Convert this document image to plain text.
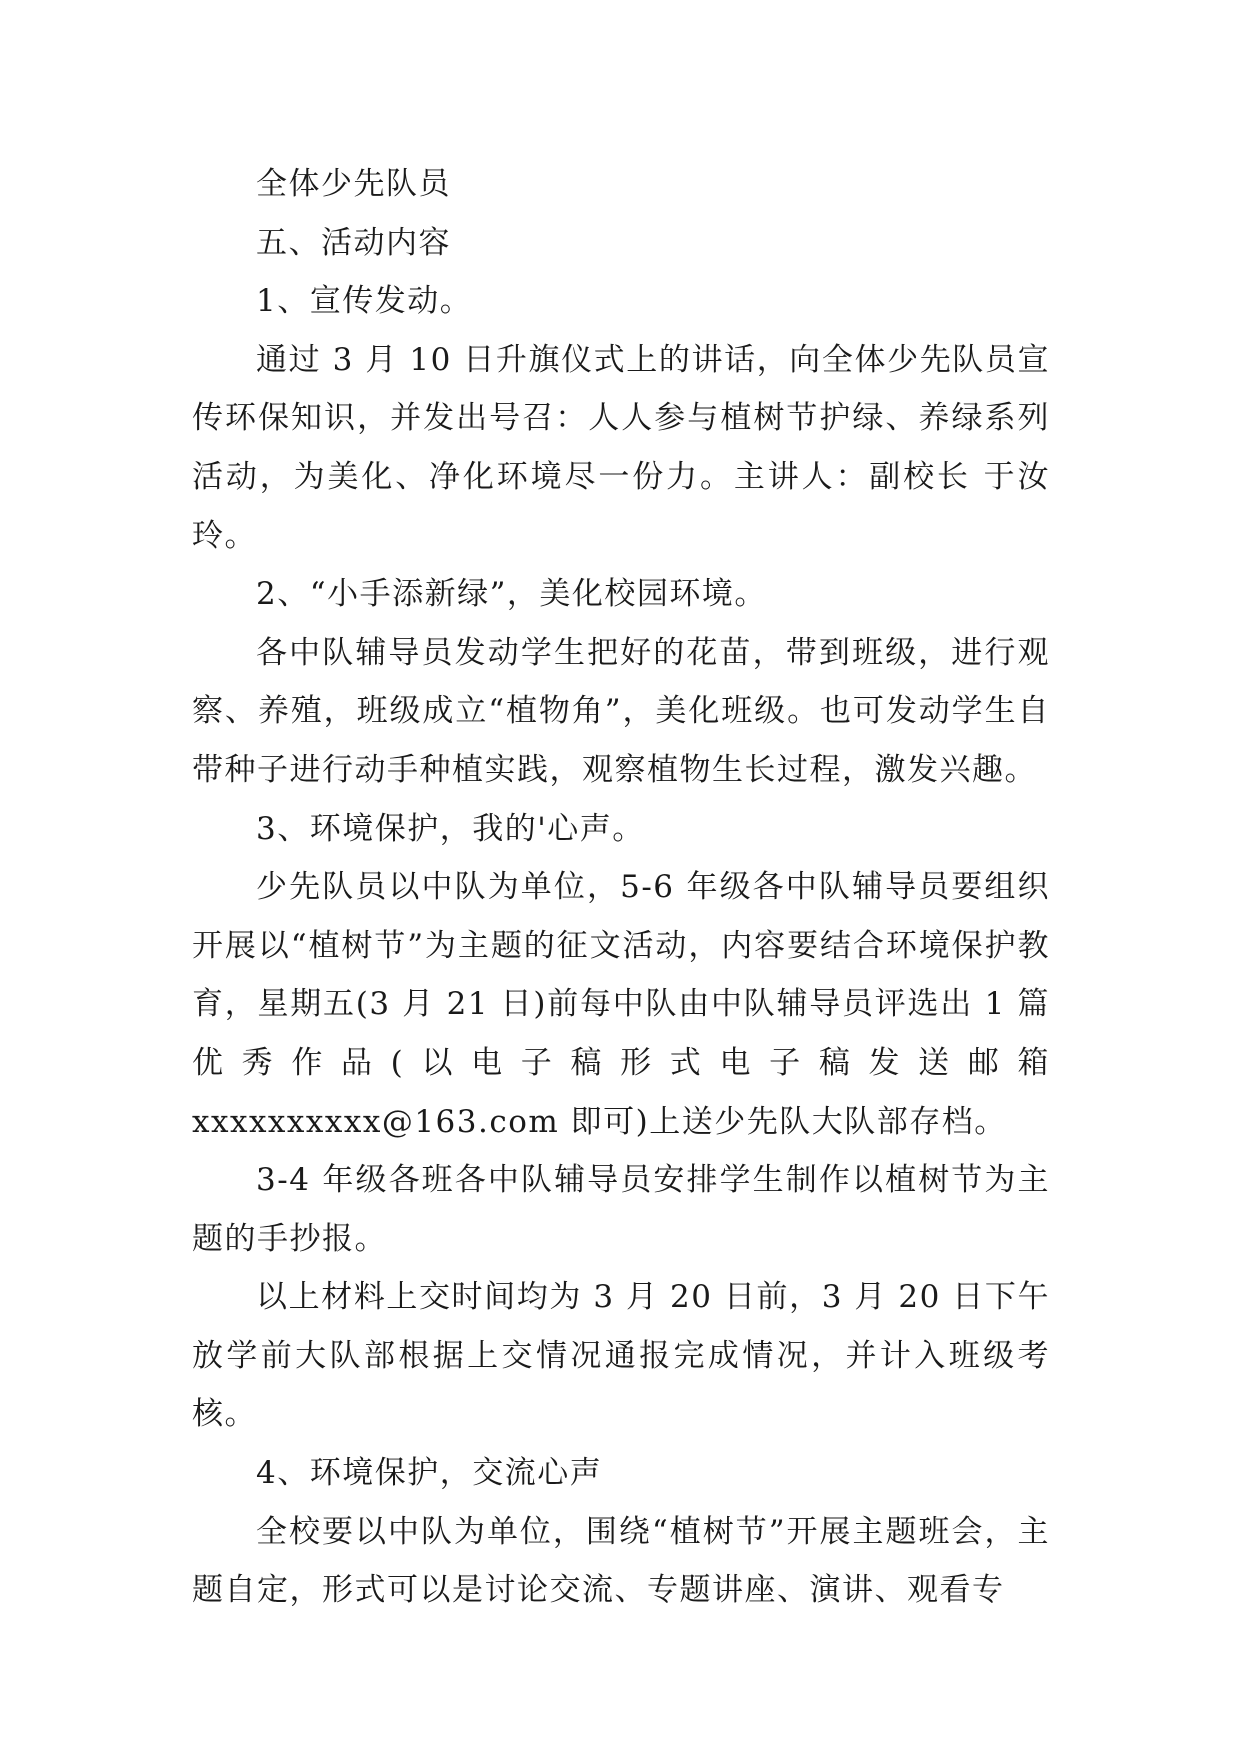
全体少先队员

五、活动内容

1、宣传发动。

通过 3 月 10 日升旗仪式上的讲话，向全体少先队员宣传环保知识，并发出号召：人人参与植树节护绿、养绿系列活动，为美化、净化环境尽一份力。主讲人：副校长 于汝玲。

2、“小手添新绿”，美化校园环境。

各中队辅导员发动学生把好的花苗，带到班级，进行观察、养殖，班级成立“植物角”，美化班级。也可发动学生自带种子进行动手种植实践，观察植物生长过程，激发兴趣。

3、环境保护，我的'心声。

少先队员以中队为单位，5-6 年级各中队辅导员要组织开展以“植树节”为主题的征文活动，内容要结合环境保护教育，星期五(3 月 21 日)前每中队由中队辅导员评选出 1 篇优秀作品(以电子稿形式电子稿发送邮箱xxxxxxxxxx@163.com 即可)上送少先队大队部存档。

3-4 年级各班各中队辅导员安排学生制作以植树节为主题的手抄报。

以上材料上交时间均为 3 月 20 日前，3 月 20 日下午放学前大队部根据上交情况通报完成情况，并计入班级考核。

4、环境保护，交流心声

全校要以中队为单位，围绕“植树节”开展主题班会，主题自定，形式可以是讨论交流、专题讲座、演讲、观看专
